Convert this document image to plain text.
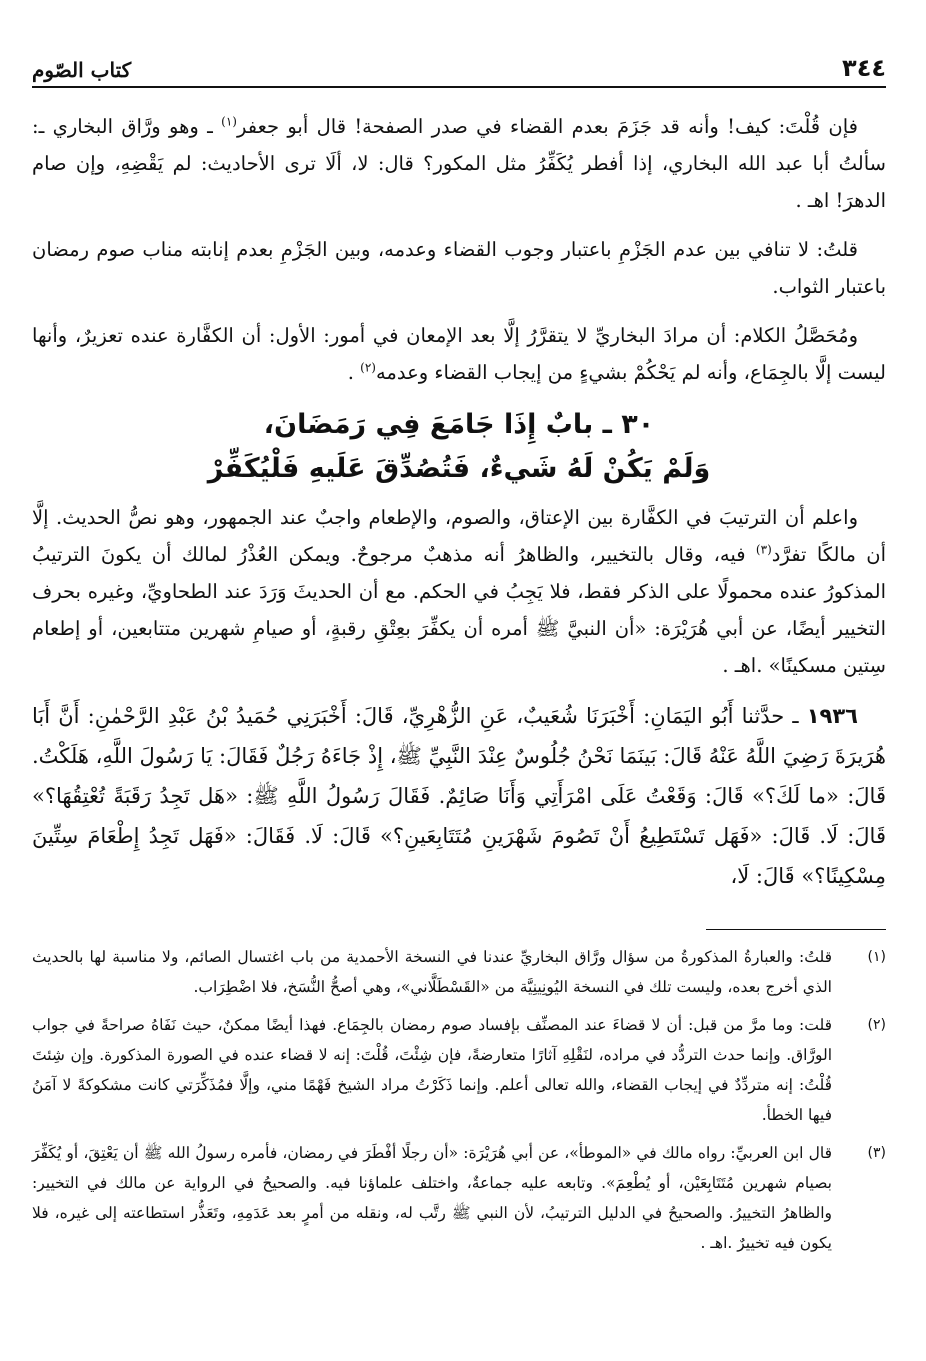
٣٤٤
كتاب الصّوم

فإن قُلْتَ: كيف! وأنه قد جَزَمَ بعدم القضاء في صدر الصفحة! قال أبو جعفر$^{(١)}$ ـ وهو ورَّاق البخاري ـ: سألتُ أبا عبد الله البخاري، إذا أفطر يُكَفِّرُ مثل المكور؟ قال: لا، ألَا ترى الأحاديث: لم يَقْضِهِ، وإن صام الدهرَ! اهـ .

قلتُ: لا تنافي بين عدم الجَزْمِ باعتبار وجوب القضاء وعدمه، وبين الجَزْمِ بعدم إنابته مناب صوم رمضان باعتبار الثواب.

ومُحَصَّلُ الكلام: أن مرادَ البخاريِّ لا يتقرَّرُ إلَّا بعد الإمعان في أمور: الأول: أن الكفَّارة عنده تعزيرٌ، وأنها ليست إلَّا بالجِمَاع، وأنه لم يَحْكُمْ بشيءٍ من إيجاب القضاء وعدمه$^{(٢)}$ .

٣٠ ـ بابٌ إِذَا جَامَعَ فِي رَمَضَانَ،
وَلَمْ يَكُنْ لَهُ شَيءٌ، فَتُصُدِّقَ عَلَيهِ فَلْيُكَفِّرْ

واعلم أن الترتيبَ في الكفَّارة بين الإعتاق، والصوم، والإطعام واجبٌ عند الجمهور، وهو نصُّ الحديث. إلَّا أن مالكًا تفرَّد$^{(٣)}$ فيه، وقال بالتخيير، والظاهرُ أنه مذهبٌ مرجوحٌ. ويمكن العُذْرُ لمالك أن يكونَ الترتيبُ المذكورُ عنده محمولًا على الذكر فقط، فلا يَجِبُ في الحكم. مع أن الحديثَ وَرَدَ عند الطحاويِّ، وغيره بحرف التخيير أيضًا، عن أبي هُرَيْرَة: «أن النبيَّ ﷺ أمره أن يكفِّرَ بعِتْقِ رقبةٍ، أو صيامِ شهرين متتابعين، أو إطعام سِتين مسكينًا» .اهـ .

١٩٣٦ ـ حدَّثنا أَبُو اليَمَانِ: أَخْبَرَنَا شُعَيبٌ، عَنِ الزُّهْرِيِّ، قَالَ: أَخْبَرَنِي حُمَيدُ بْنُ عَبْدِ الرَّحْمٰنِ: أَنَّ أَبَا هُرَيرَةَ رَضِيَ اللَّهُ عَنْهُ قَالَ: بَينَمَا نَحْنُ جُلُوسٌ عِنْدَ النَّبِيِّ ﷺ، إِذْ جَاءَهُ رَجُلٌ فَقَالَ: يَا رَسُولَ اللَّهِ، هَلَكْتُ. قَالَ: «ما لَكَ؟» قَالَ: وَقَعْتُ عَلَى امْرَأَتِي وَأَنَا صَائِمٌ. فَقَالَ رَسُولُ اللَّهِ ﷺ: «هَل تَجِدُ رَقَبَةً تُعْتِقُهَا؟» قَالَ: لَا. قَالَ: «فَهَل تَسْتَطِيعُ أَنْ تَصُومَ شَهْرَينِ مُتَتَابِعَينِ؟» قَالَ: لَا. فَقَالَ: «فَهَل تَجِدُ إِطْعَامَ سِتِّينَ مِسْكِينًا؟» قَالَ: لَا،

(١)
قلتُ: والعبارةُ المذكورةُ من سؤال ورَّاق البخاريِّ عندنا في النسخة الأحمدية من باب اغتسال الصائم، ولا مناسبة لها بالحديث الذي أخرج بعده، وليست تلك في النسخة اليُونِينِيَّة من «القَسْطَلَّاني»، وهي أصحُّ النُّسَخ، فلا اضْطِرَاب.
(٢)
قلت: وما مرَّ من قبل: أن لا قضاءَ عند المصنِّف بإفساد صوم رمضان بالجِمَاع. فهذا أيضًا ممكنٌ، حيث نَفَاهُ صراحةً في جواب الورَّاق. وإنما حدث التردُّد في مراده، لنَقْلِهِ آثارًا متعارضةً، فإن شِئْتَ، قُلْتَ: إنه لا قضاء عنده في الصورة المذكورة. وإن شِئتَ قُلْتُ: إنه متردِّدٌ في إيجاب القضاء، والله تعالى أعلم. وإنما ذَكَرْتُ مراد الشيخ فَهْمًا مني، وإلَّا فمُذَكِّرَتي كانت مشكوكةً لا آمَنُ فيها الخطأ.
(٣)
قال ابن العربيِّ: رواه مالك في «الموطأ»، عن أبي هُرَيْرَة: «أن رجلًا أفْطَرَ في رمضان، فأمره رسولُ الله ﷺ أن يَعْتِقَ، أو يُكَفِّرَ بصيام شهرين مُتَتَابِعَيْن، أو يُطْعِمَ». وتابعه عليه جماعةٌ، واختلف علماؤنا فيه. والصحيحُ في الرواية عن مالك في التخيير: والظاهرُ التخييرُ. والصحيحُ في الدليل الترتيبُ، لأن النبي ﷺ رتَّب له، ونقله من أمرٍ بعد عَدَمِهِ، وتَعَذُّر استطاعته إلى غيره، فلا يكون فيه تخييرٌ .اهـ .
